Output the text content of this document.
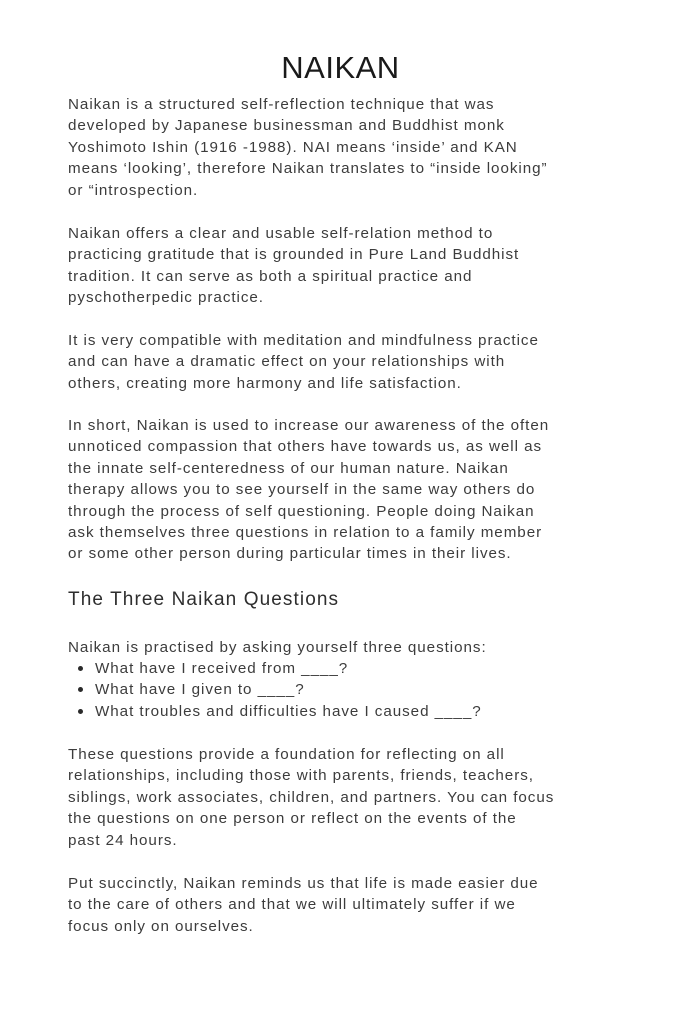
NAIKAN

Naikan is a structured self-reflection technique that was
developed by Japanese businessman and Buddhist monk
Yoshimoto Ishin (1916 -1988). NAI means ‘inside’ and KAN
means ‘looking’, therefore Naikan translates to “inside looking”
or “introspection.

Naikan offers a clear and usable self-relation method to
practicing gratitude that is grounded in Pure Land Buddhist
tradition. It can serve as both a spiritual practice and
pyschotherpedic practice.

It is very compatible with meditation and mindfulness practice
and can have a dramatic effect on your relationships with
others, creating more harmony and life satisfaction.

In short, Naikan is used to increase our awareness of the often
unnoticed compassion that others have towards us, as well as
the innate self-centeredness of our human nature. Naikan
therapy allows you to see yourself in the same way others do
through the process of self questioning. People doing Naikan
ask themselves three questions in relation to a family member
or some other person during particular times in their lives.

The Three Naikan Questions

Naikan is practised by asking yourself three questions:

What have I received from ____?
What have I given to ____?
What troubles and difficulties have I caused ____?

These questions provide a foundation for reflecting on all
relationships, including those with parents, friends, teachers,
siblings, work associates, children, and partners. You can focus
the questions on one person or reflect on the events of the
past 24 hours.

Put succinctly, Naikan reminds us that life is made easier due
to the care of others and that we will ultimately suffer if we
focus only on ourselves.
